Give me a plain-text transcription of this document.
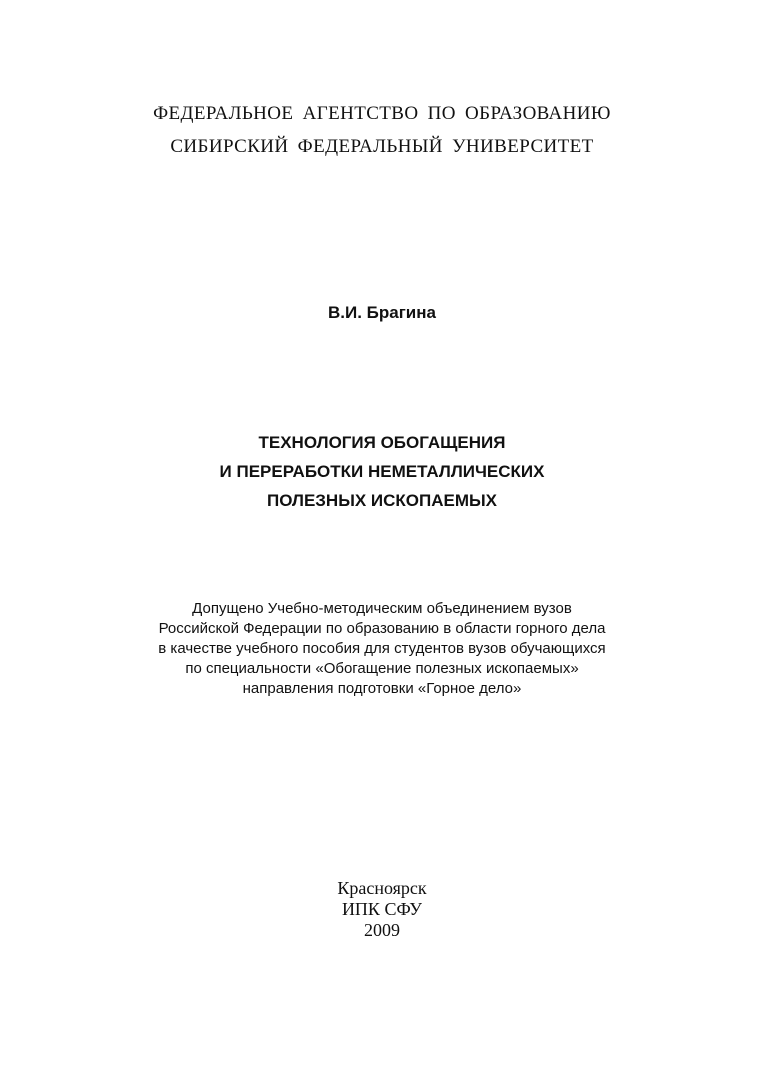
ФЕДЕРАЛЬНОЕ АГЕНТСТВО ПО ОБРАЗОВАНИЮ

СИБИРСКИЙ ФЕДЕРАЛЬНЫЙ УНИВЕРСИТЕТ

В.И. Брагина

ТЕХНОЛОГИЯ ОБОГАЩЕНИЯ

И ПЕРЕРАБОТКИ НЕМЕТАЛЛИЧЕСКИХ

ПОЛЕЗНЫХ ИСКОПАЕМЫХ

Допущено Учебно-методическим объединением вузов

Российской Федерации по образованию в области горного дела

в качестве учебного пособия для студентов вузов обучающихся

по специальности «Обогащение полезных ископаемых»

направления подготовки «Горное дело»

Красноярск

ИПК СФУ

2009
